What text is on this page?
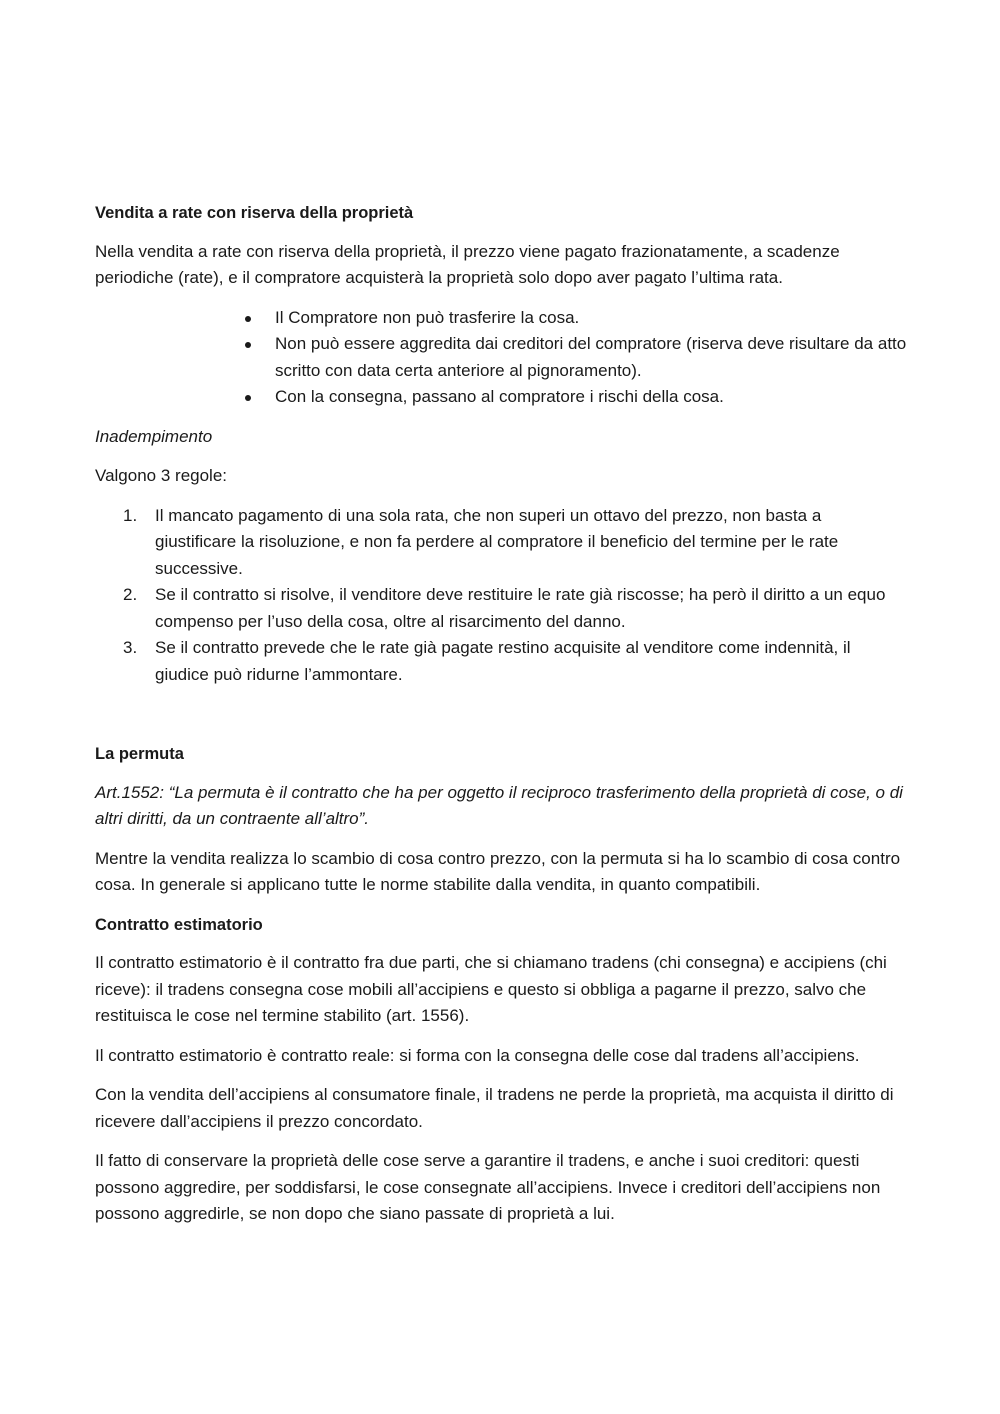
Vendita a rate con riserva della proprietà

Nella vendita a rate con riserva della proprietà, il prezzo viene pagato frazionatamente, a scadenze periodiche (rate), e il compratore acquisterà la proprietà solo dopo aver pagato l’ultima rata.

Il Compratore non può trasferire la cosa.
Non può essere aggredita dai creditori del compratore (riserva deve risultare da atto scritto con data certa anteriore al pignoramento).
Con la consegna, passano al compratore i rischi della cosa.

Inadempimento

Valgono 3 regole:

1. Il mancato pagamento di una sola rata, che non superi un ottavo del prezzo, non basta a giustificare la risoluzione, e non fa perdere al compratore il beneficio del termine per le rate successive.
2. Se il contratto si risolve, il venditore deve restituire le rate già riscosse; ha però il diritto a un equo compenso per l’uso della cosa, oltre al risarcimento del danno.
3. Se il contratto prevede che le rate già pagate restino acquisite al venditore come indennità, il giudice può ridurne l’ammontare.
La permuta

Art.1552: “La permuta è il contratto che ha per oggetto il reciproco trasferimento della proprietà di cose, o di altri diritti, da un contraente all’altro”.

Mentre la vendita realizza lo scambio di cosa contro prezzo, con la permuta si ha lo scambio di cosa contro cosa. In generale si applicano tutte le norme stabilite dalla vendita, in quanto compatibili.

Contratto estimatorio

Il contratto estimatorio è il contratto fra due parti, che si chiamano tradens (chi consegna) e accipiens (chi riceve): il tradens consegna cose mobili all’accipiens e questo si obbliga a pagarne il prezzo, salvo che restituisca le cose nel termine stabilito (art. 1556).

Il contratto estimatorio è contratto reale: si forma con la consegna delle cose dal tradens all’accipiens.

Con la vendita dell’accipiens al consumatore finale, il tradens ne perde la proprietà, ma acquista il diritto di ricevere dall’accipiens il prezzo concordato.

Il fatto di conservare la proprietà delle cose serve a garantire il tradens, e anche i suoi creditori: questi possono aggredire, per soddisfarsi, le cose consegnate all’accipiens. Invece i creditori dell’accipiens non possono aggredirle, se non dopo che siano passate di proprietà a lui.
